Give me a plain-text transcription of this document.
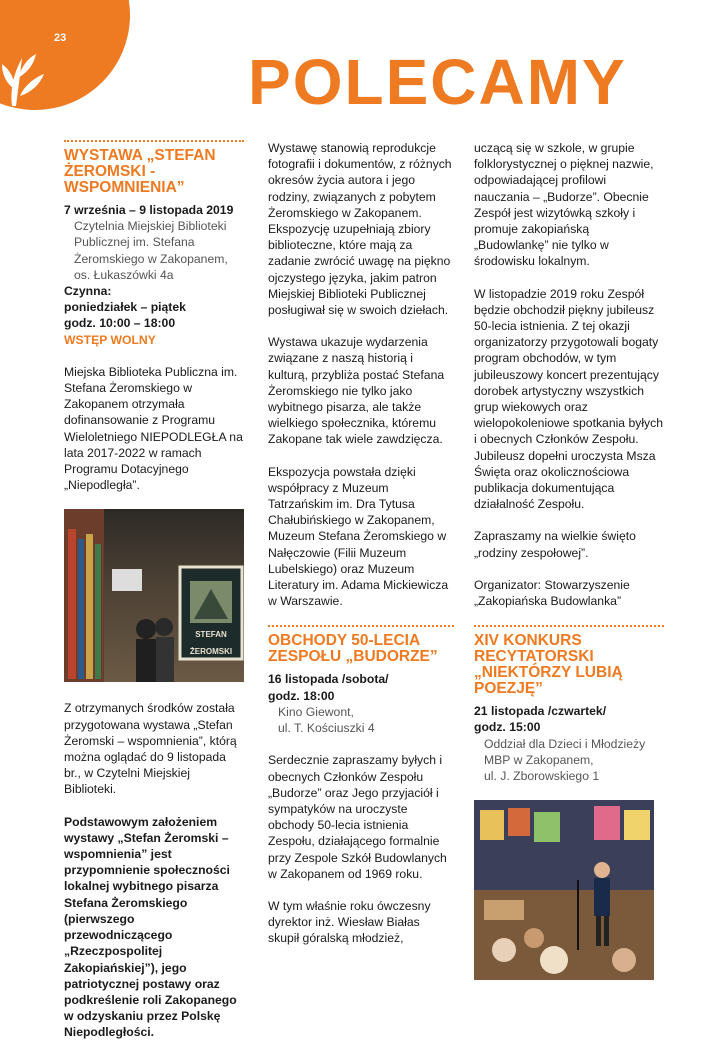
23
POLECAMY
WYSTAWA „STEFAN ŻEROMSKI - WSPOMNIENIA”
7 września – 9 listopada 2019
Czytelnia Miejskiej Biblioteki
Publicznej im. Stefana
Żeromskiego w Zakopanem,
os. Łukaszówki 4a
Czynna:
poniedziałek – piątek
godz. 10:00 – 18:00
WSTĘP WOLNY

Miejska Biblioteka Publiczna im. Stefana Żeromskiego w Zakopanem otrzymała dofinansowanie z Programu Wieloletniego NIEPODLEGŁA na lata 2017-2022 w ramach Programu Dotacyjnego „Niepodległa”.

STEFAN ŻEROMSKI

Z otrzymanych środków została przygotowana wystawa „Stefan Żeromski – wspomnienia”, którą można oglądać do 9 listopada br., w Czytelni Miejskiej Biblioteki.

Podstawowym założeniem wystawy „Stefan Żeromski – wspomnienia” jest przypomnienie społeczności lokalnej wybitnego pisarza Stefana Żeromskiego (pierwszego przewodniczącego „Rzeczpospolitej Zakopiańskiej”), jego patriotycznej postawy oraz podkreślenie roli Zakopanego w odzyskaniu przez Polskę Niepodległości.

Wystawę stanowią reprodukcje fotografii i dokumentów, z różnych okresów życia autora i jego rodziny, związanych z pobytem Żeromskiego w Zakopanem. Ekspozycję uzupełniają zbiory biblioteczne, które mają za zadanie zwrócić uwagę na piękno ojczystego języka, jakim patron Miejskiej Biblioteki Publicznej posługiwał się w swoich dziełach.

Wystawa ukazuje wydarzenia związane z naszą historią i kulturą, przybliża postać Stefana Żeromskiego nie tylko jako wybitnego pisarza, ale także wielkiego społecznika, któremu Zakopane tak wiele zawdzięcza.

Ekspozycja powstała dzięki współpracy z Muzeum Tatrzańskim im. Dra Tytusa Chałubińskiego w Zakopanem, Muzeum Stefana Żeromskiego w Nałęczowie (Filii Muzeum Lubelskiego) oraz Muzeum Literatury im. Adama Mickiewicza w Warszawie.

OBCHODY 50-LECIA ZESPOŁU „BUDORZE”
16 listopada /sobota/
godz. 18:00
Kino Giewont,
ul. T. Kościuszki 4

Serdecznie zapraszamy byłych i obecnych Członków Zespołu „Budorze” oraz Jego przyjaciół i sympatyków na uroczyste obchody 50-lecia istnienia Zespołu, działającego formalnie przy Zespole Szkół Budowlanych w Zakopanem od 1969 roku.

W tym właśnie roku ówczesny dyrektor inż. Wiesław Białas skupił góralską młodzież,

uczącą się w szkole, w grupie folklorystycznej o pięknej nazwie, odpowiadającej profilowi nauczania – „Budorze”. Obecnie Zespół jest wizytówką szkoły i promuje zakopiańską „Budowlankę” nie tylko w środowisku lokalnym.

W listopadzie 2019 roku Zespół będzie obchodził piękny jubileusz 50-lecia istnienia. Z tej okazji organizatorzy przygotowali bogaty program obchodów, w tym jubileuszowy koncert prezentujący dorobek artystyczny wszystkich grup wiekowych oraz wielopokoleniowe spotkania byłych i obecnych Członków Zespołu. Jubileusz dopełni uroczysta Msza Święta oraz okolicznościowa publikacja dokumentująca działalność Zespołu.

Zapraszamy na wielkie święto „rodziny zespołowej”.

Organizator: Stowarzyszenie „Zakopiańska Budowlanka”

XIV KONKURS RECYTATORSKI „NIEKTÓRZY LUBIĄ POEZJĘ”
21 listopada /czwartek/
godz. 15:00
Oddział dla Dzieci i Młodzieży
MBP w Zakopanem,
ul. J. Zborowskiego 1
